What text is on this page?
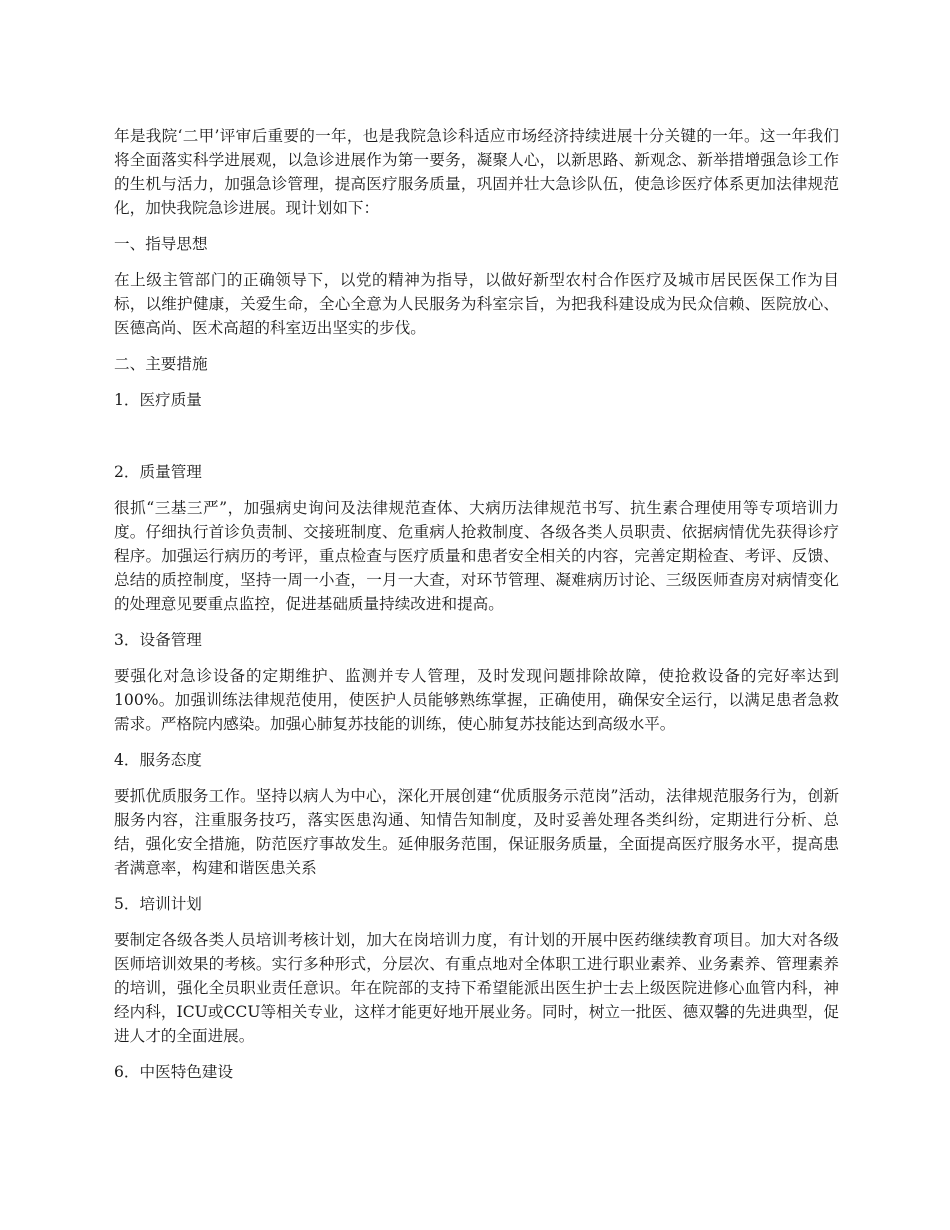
年是我院‘二甲’评审后重要的一年，也是我院急诊科适应市场经济持续进展十分关键的一年。这一年我们将全面落实科学进展观，以急诊进展作为第一要务，凝聚人心，以新思路、新观念、新举措增强急诊工作的生机与活力，加强急诊管理，提高医疗服务质量，巩固并壮大急诊队伍，使急诊医疗体系更加法律规范化，加快我院急诊进展。现计划如下：

一、指导思想

在上级主管部门的正确领导下，以党的精神为指导，以做好新型农村合作医疗及城市居民医保工作为目标，以维护健康，关爱生命，全心全意为人民服务为科室宗旨，为把我科建设成为民众信赖、医院放心、医德高尚、医术高超的科室迈出坚实的步伐。

二、主要措施

1．医疗质量

2．质量管理

很抓“三基三严”，加强病史询问及法律规范查体、大病历法律规范书写、抗生素合理使用等专项培训力度。仔细执行首诊负责制、交接班制度、危重病人抢救制度、各级各类人员职责、依据病情优先获得诊疗程序。加强运行病历的考评，重点检查与医疗质量和患者安全相关的内容，完善定期检查、考评、反馈、总结的质控制度，坚持一周一小查，一月一大查，对环节管理、凝难病历讨论、三级医师查房对病情变化的处理意见要重点监控，促进基础质量持续改进和提高。

3．设备管理

要强化对急诊设备的定期维护、监测并专人管理，及时发现问题排除故障，使抢救设备的完好率达到100%。加强训练法律规范使用，使医护人员能够熟练掌握，正确使用，确保安全运行，以满足患者急救需求。严格院内感染。加强心肺复苏技能的训练，使心肺复苏技能达到高级水平。

4．服务态度

要抓优质服务工作。坚持以病人为中心，深化开展创建“优质服务示范岗”活动，法律规范服务行为，创新服务内容，注重服务技巧，落实医患沟通、知情告知制度，及时妥善处理各类纠纷，定期进行分析、总结，强化安全措施，防范医疗事故发生。延伸服务范围，保证服务质量，全面提高医疗服务水平，提高患者满意率，构建和谐医患关系

5．培训计划

要制定各级各类人员培训考核计划，加大在岗培训力度，有计划的开展中医药继续教育项目。加大对各级医师培训效果的考核。实行多种形式，分层次、有重点地对全体职工进行职业素养、业务素养、管理素养的培训，强化全员职业责任意识。年在院部的支持下希望能派出医生护士去上级医院进修心血管内科，神经内科，ICU或CCU等相关专业，这样才能更好地开展业务。同时，树立一批医、德双馨的先进典型，促进人才的全面进展。

6．中医特色建设
